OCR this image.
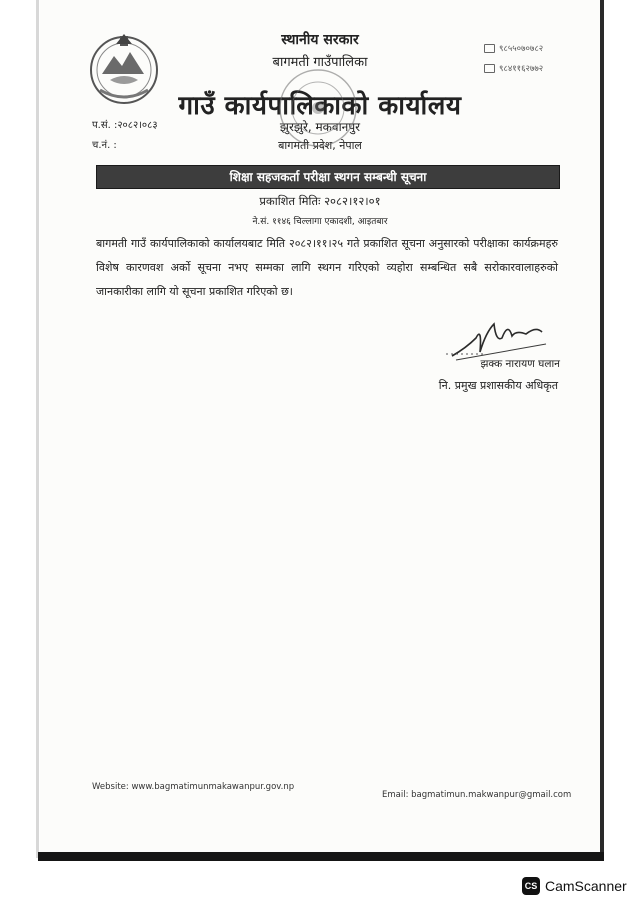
स्थानीय सरकार
बागमती गाउँपालिका
गाउँ कार्यपालिकाको कार्यालय
झुरझुरे, मकवानपुर
बागमती प्रदेश, नेपाल
९८५५०७०७८२
९८४११६२७७२
प.सं. :२०८२।०८३
च.नं. :
शिक्षा सहजकर्ता परीक्षा स्थगन सम्बन्धी सूचना
प्रकाशित मितिः २०८२।१२।०१
ने.सं. ११४६ चिल्लागा एकादशी, आइतबार
बागमती गाउँ कार्यपालिकाको कार्यालयबाट मिति २०८२।११।२५ गते प्रकाशित सूचना अनुसारको परीक्षाका कार्यक्रमहरु विशेष कारणवश अर्को सूचना नभए सम्मका लागि स्थगन गरिएको व्यहोरा सम्बन्धित सबै सरोकारवालाहरुको जानकारीका लागि यो सूचना प्रकाशित गरिएको छ।
झक्क नारायण घलान
नि. प्रमुख प्रशासकीय अधिकृत
Website: www.bagmatimunmakawanpur.gov.np
Email: bagmatimun.makwanpur@gmail.com
CS CamScanner
